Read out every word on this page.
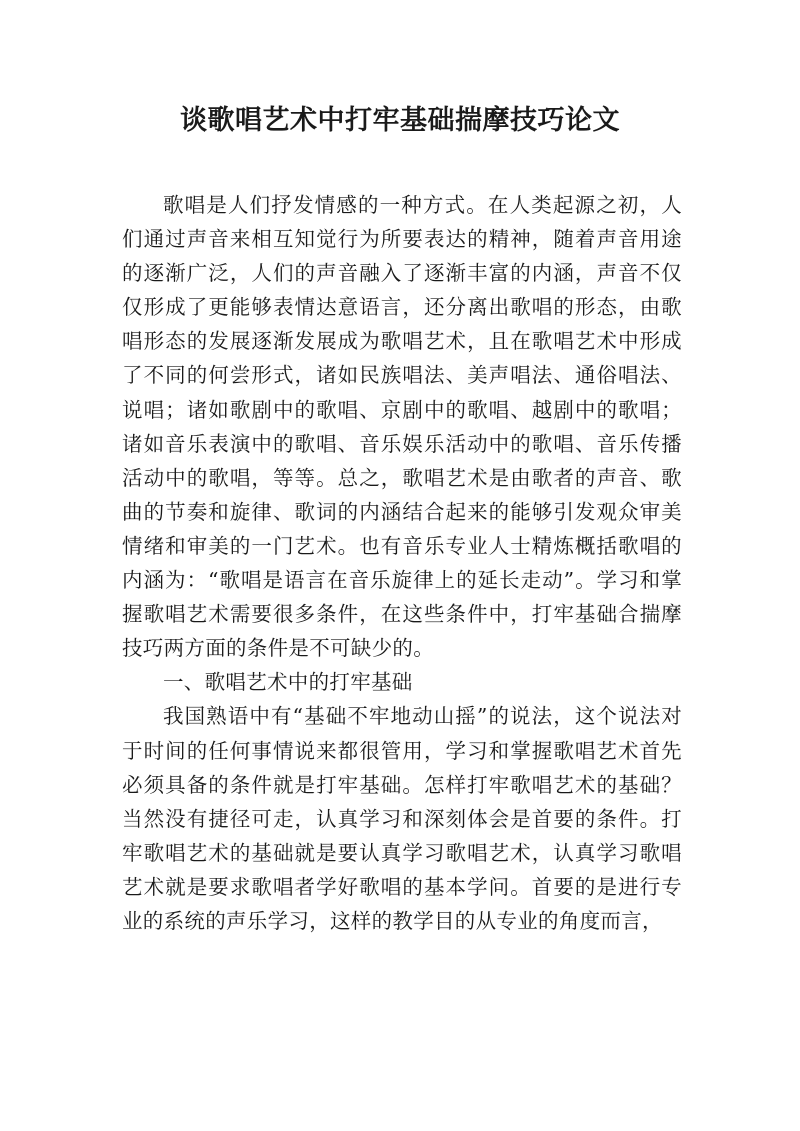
谈歌唱艺术中打牢基础揣摩技巧论文

歌唱是人们抒发情感的一种方式。在人类起源之初，人们通过声音来相互知觉行为所要表达的精神，随着声音用途的逐渐广泛，人们的声音融入了逐渐丰富的内涵，声音不仅仅形成了更能够表情达意语言，还分离出歌唱的形态，由歌唱形态的发展逐渐发展成为歌唱艺术，且在歌唱艺术中形成了不同的何尝形式，诸如民族唱法、美声唱法、通俗唱法、说唱；诸如歌剧中的歌唱、京剧中的歌唱、越剧中的歌唱；诸如音乐表演中的歌唱、音乐娱乐活动中的歌唱、音乐传播活动中的歌唱，等等。总之，歌唱艺术是由歌者的声音、歌曲的节奏和旋律、歌词的内涵结合起来的能够引发观众审美情绪和审美的一门艺术。也有音乐专业人士精炼概括歌唱的内涵为：“歌唱是语言在音乐旋律上的延长走动”。学习和掌握歌唱艺术需要很多条件，在这些条件中，打牢基础合揣摩技巧两方面的条件是不可缺少的。

一、歌唱艺术中的打牢基础

我国熟语中有“基础不牢地动山摇”的说法，这个说法对于时间的任何事情说来都很管用，学习和掌握歌唱艺术首先必须具备的条件就是打牢基础。怎样打牢歌唱艺术的基础？当然没有捷径可走，认真学习和深刻体会是首要的条件。打牢歌唱艺术的基础就是要认真学习歌唱艺术，认真学习歌唱艺术就是要求歌唱者学好歌唱的基本学问。首要的是进行专业的系统的声乐学习，这样的教学目的从专业的角度而言，
